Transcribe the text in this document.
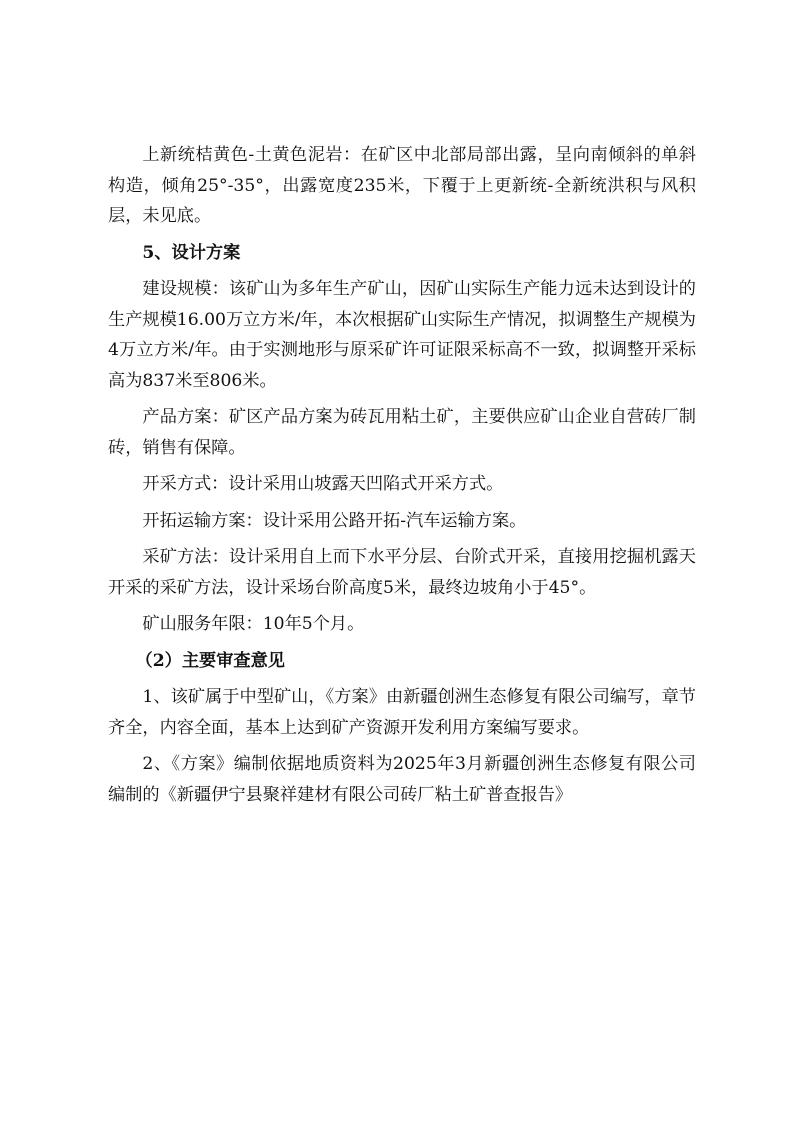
上新统桔黄色-土黄色泥岩：在矿区中北部局部出露，呈向南倾斜的单斜构造，倾角25°-35°，出露宽度235米，下覆于上更新统-全新统洪积与风积层，未见底。

5、设计方案

建设规模：该矿山为多年生产矿山，因矿山实际生产能力远未达到设计的生产规模16.00万立方米/年，本次根据矿山实际生产情况，拟调整生产规模为4万立方米/年。由于实测地形与原采矿许可证限采标高不一致，拟调整开采标高为837米至806米。

产品方案：矿区产品方案为砖瓦用粘土矿，主要供应矿山企业自营砖厂制砖，销售有保障。

开采方式：设计采用山坡露天凹陷式开采方式。

开拓运输方案：设计采用公路开拓-汽车运输方案。

采矿方法：设计采用自上而下水平分层、台阶式开采，直接用挖掘机露天开采的采矿方法，设计采场台阶高度5米，最终边坡角小于45°。

矿山服务年限：10年5个月。

（2）主要审查意见

1、该矿属于中型矿山，《方案》由新疆创洲生态修复有限公司编写，章节齐全，内容全面，基本上达到矿产资源开发利用方案编写要求。

2、《方案》编制依据地质资料为2025年3月新疆创洲生态修复有限公司编制的《新疆伊宁县聚祥建材有限公司砖厂粘土矿普查报告》
